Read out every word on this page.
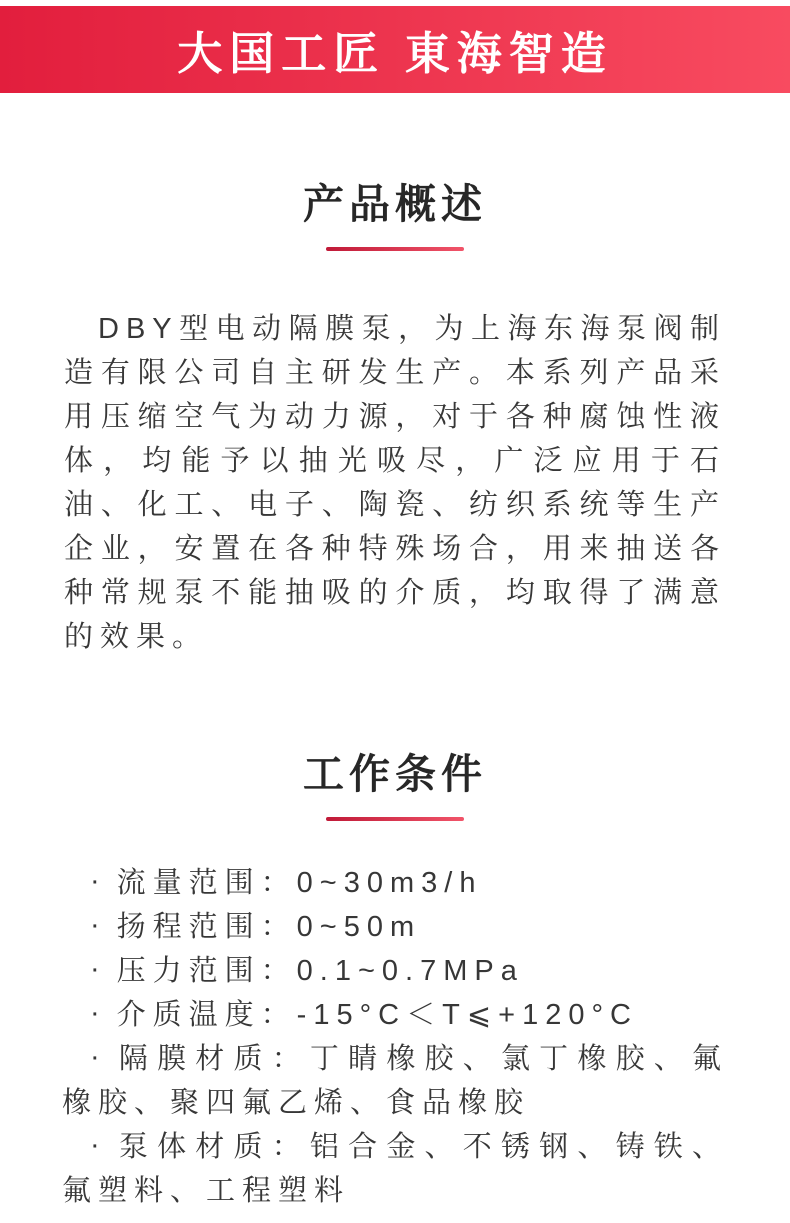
大国工匠 東海智造
产品概述

DBY型电动隔膜泵，为上海东海泵阀制造有限公司自主研发生产。本系列产品采用压缩空气为动力源，对于各种腐蚀性液体，均能予以抽光吸尽，广泛应用于石油、化工、电子、陶瓷、纺织系统等生产企业，安置在各种特殊场合，用来抽送各种常规泵不能抽吸的介质，均取得了满意的效果。

工作条件
· 流量范围：0~30m3/h
· 扬程范围：0~50m
· 压力范围：0.1~0.7MPa
· 介质温度：-15°C＜T⩽+120°C
· 隔膜材质：丁睛橡胶、氯丁橡胶、氟橡胶、聚四氟乙烯、食品橡胶
· 泵体材质：铝合金、不锈钢、铸铁、氟塑料、工程塑料
